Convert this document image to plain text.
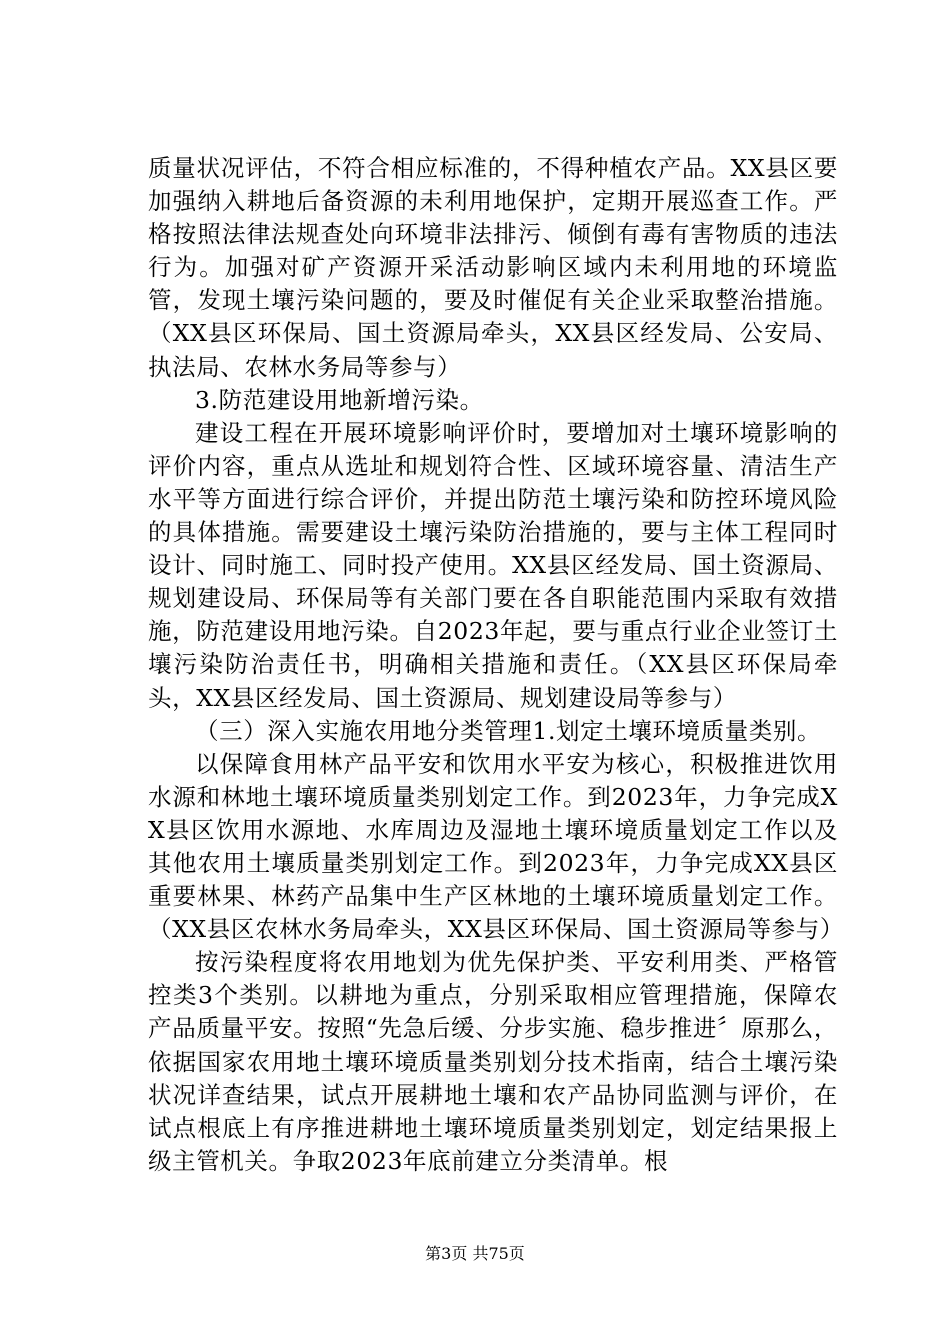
质量状况评估，不符合相应标准的，不得种植农产品。XX县区要加强纳入耕地后备资源的未利用地保护，定期开展巡查工作。严格按照法律法规查处向环境非法排污、倾倒有毒有害物质的违法行为。加强对矿产资源开采活动影响区域内未利用地的环境监管，发现土壤污染问题的，要及时催促有关企业采取整治措施。（XX县区环保局、国土资源局牵头，XX县区经发局、公安局、执法局、农林水务局等参与）

3.防范建设用地新增污染。

建设工程在开展环境影响评价时，要增加对土壤环境影响的评价内容，重点从选址和规划符合性、区域环境容量、清洁生产水平等方面进行综合评价，并提出防范土壤污染和防控环境风险的具体措施。需要建设土壤污染防治措施的，要与主体工程同时设计、同时施工、同时投产使用。XX县区经发局、国土资源局、规划建设局、环保局等有关部门要在各自职能范围内采取有效措施，防范建设用地污染。自2023年起，要与重点行业企业签订土壤污染防治责任书，明确相关措施和责任。（XX县区环保局牵头，XX县区经发局、国土资源局、规划建设局等参与）

（三）深入实施农用地分类管理1.划定土壤环境质量类别。

以保障食用林产品平安和饮用水平安为核心，积极推进饮用水源和林地土壤环境质量类别划定工作。到2023年，力争完成XX县区饮用水源地、水库周边及湿地土壤环境质量划定工作以及其他农用土壤质量类别划定工作。到2023年，力争完成XX县区重要林果、林药产品集中生产区林地的土壤环境质量划定工作。（XX县区农林水务局牵头，XX县区环保局、国土资源局等参与）

按污染程度将农用地划为优先保护类、平安利用类、严格管控类3个类别。以耕地为重点，分别采取相应管理措施，保障农产品质量平安。按照“先急后缓、分步实施、稳步推进〞原那么，依据国家农用地土壤环境质量类别划分技术指南，结合土壤污染状况详查结果，试点开展耕地土壤和农产品协同监测与评价，在试点根底上有序推进耕地土壤环境质量类别划定，划定结果报上级主管机关。争取2023年底前建立分类清单。根

第3页 共75页
